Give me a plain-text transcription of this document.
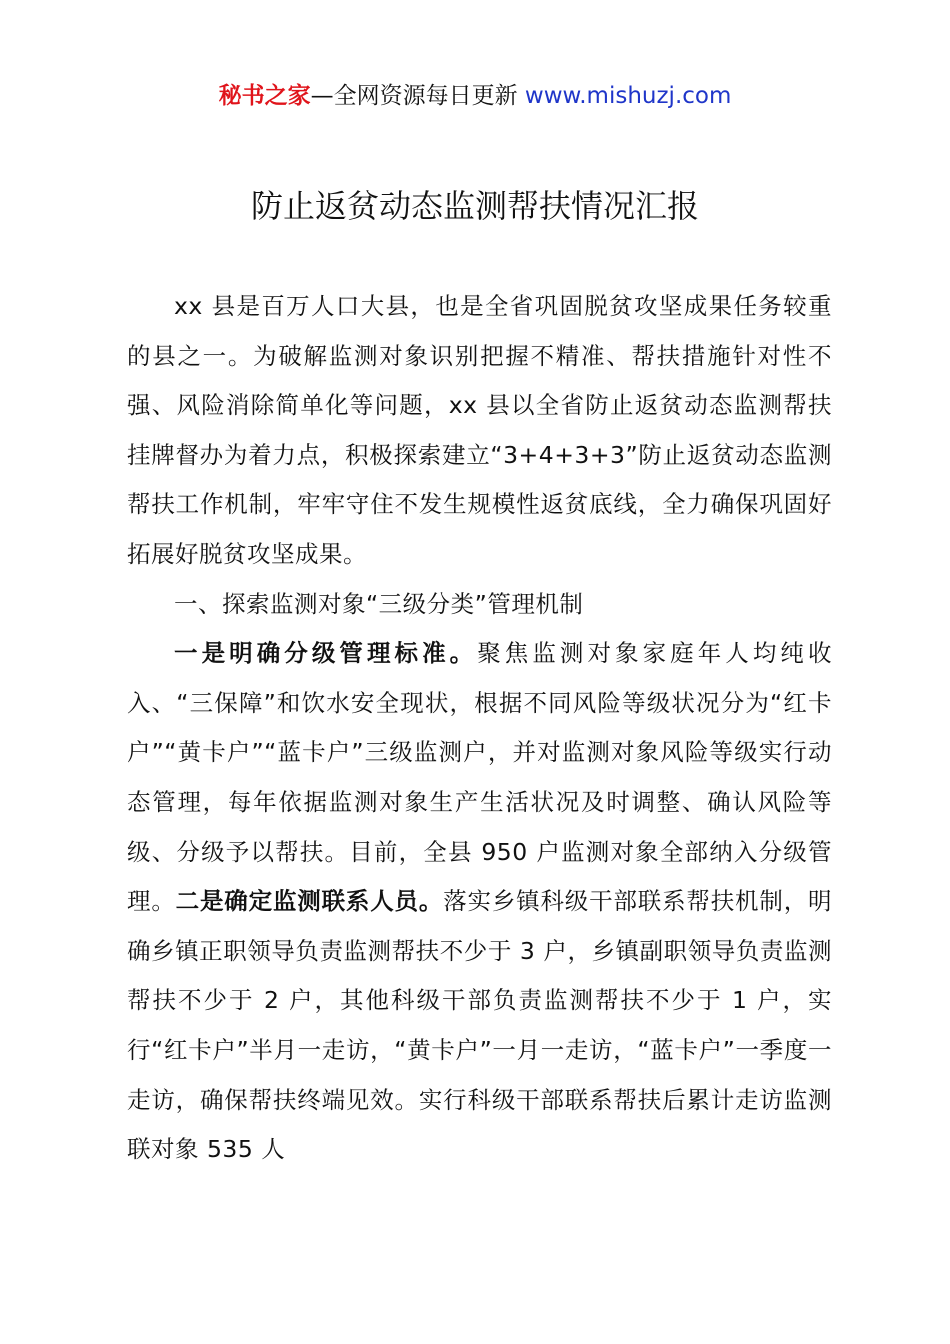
秘书之家—全网资源每日更新 www.mishuzj.com
防止返贫动态监测帮扶情况汇报

xx 县是百万人口大县，也是全省巩固脱贫攻坚成果任务较重的县之一。为破解监测对象识别把握不精准、帮扶措施针对性不强、风险消除简单化等问题，xx 县以全省防止返贫动态监测帮扶挂牌督办为着力点，积极探索建立“3+4+3+3”防止返贫动态监测帮扶工作机制，牢牢守住不发生规模性返贫底线，全力确保巩固好拓展好脱贫攻坚成果。

一、探索监测对象“三级分类”管理机制

一是明确分级管理标准。聚焦监测对象家庭年人均纯收入、“三保障”和饮水安全现状，根据不同风险等级状况分为“红卡户”“黄卡户”“蓝卡户”三级监测户，并对监测对象风险等级实行动态管理，每年依据监测对象生产生活状况及时调整、确认风险等级、分级予以帮扶。目前，全县 950 户监测对象全部纳入分级管理。二是确定监测联系人员。落实乡镇科级干部联系帮扶机制，明确乡镇正职领导负责监测帮扶不少于 3 户，乡镇副职领导负责监测帮扶不少于 2 户，其他科级干部负责监测帮扶不少于 1 户，实行“红卡户”半月一走访，“黄卡户”一月一走访，“蓝卡户”一季度一走访，确保帮扶终端见效。实行科级干部联系帮扶后累计走访监测联对象 535 人
